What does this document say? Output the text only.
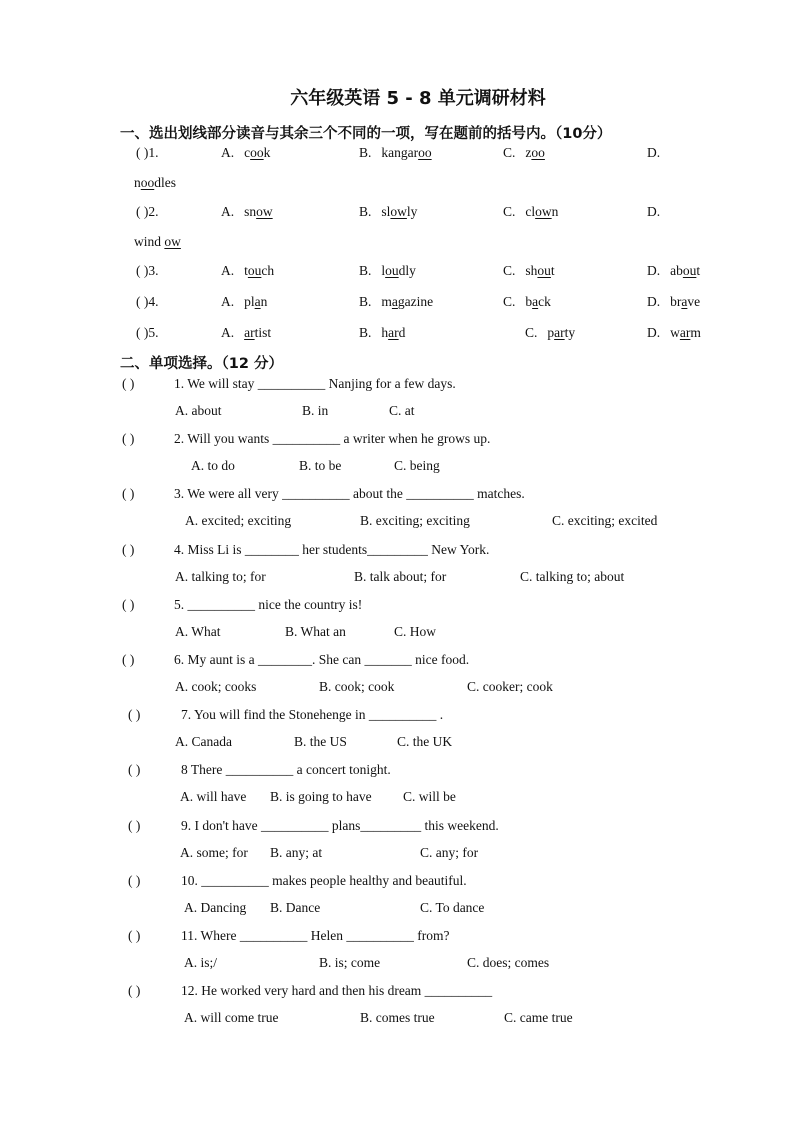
六年级英语 5 - 8 单元调研材料
一、选出划线部分读音与其余三个不同的一项，写在题前的括号内。（10分）
( )1.	A. cook	B. kangaroo	C. zoo	D.
noodles
( )2.	A. snow	B. slowly	C. clown	D.
wind ow
( )3.	A. touch	B. loudly	C. shout	D. about
( )4.	A. plan	B. magazine	C. back	D. brave
( )5.	A. artist	B. hard	C. party	D. warm
二、单项选择。（12 分）
( )	1. We will stay __________ Nanjing for a few days.
A. about	B. in	C. at
( )	2. Will you wants __________ a writer when he grows up.
A. to do	B. to be	C. being
( )	3. We were all very __________ about the __________ matches.
A. excited; exciting	B. exciting; exciting	C. exciting; excited
( )	4. Miss Li is ________ her students_________ New York.
A. talking to; for	B. talk about; for	C. talking to; about
( )	5. __________ nice the country is!
A. What	B. What an	C. How
( )	6. My aunt is a ________. She can _______ nice food.
A. cook; cooks	B. cook; cook	C. cooker; cook
( )	7. You will find the Stonehenge in __________ .
A. Canada	B. the US	C. the UK
( )	8 There __________ a concert tonight.
A. will have B. is going to have C. will be
( )	9. I don't have __________ plans_________ this weekend.
A. some; for B. any; at	C. any; for
( )	10. __________ makes people healthy and beautiful.
A. Dancing B. Dance	C. To dance
( )	11. Where __________ Helen __________ from?
A. is;/	B. is; come	C. does; comes
( )	12. He worked very hard and then his dream __________
A. will come true	B. comes true	C. came true
